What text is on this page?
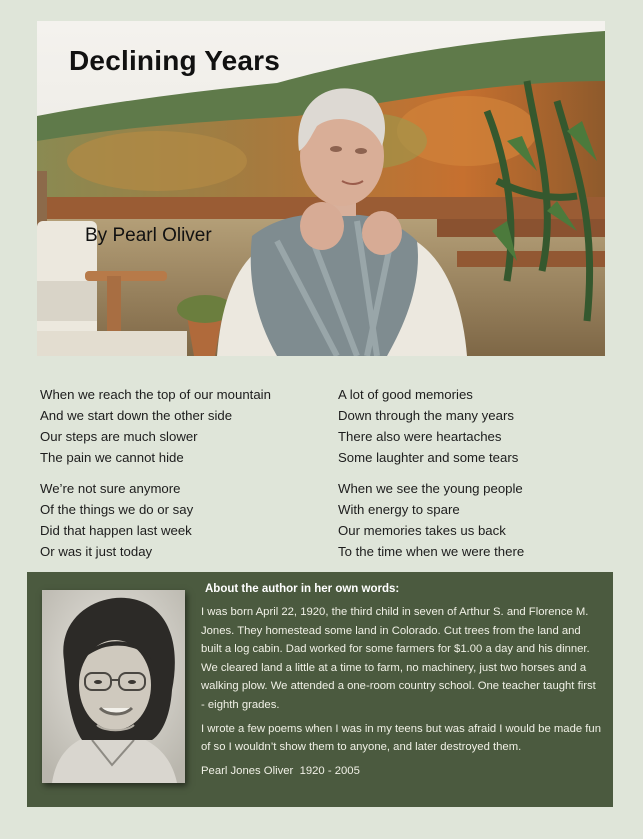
Declining Years
By Pearl Oliver
When we reach the top of our mountain
And we start down the other side
Our steps are much slower
The pain we cannot hide
We’re not sure anymore
Of the things we do or say
Did that happen last week
Or was it just today
A lot of good memories
Down through the many years
There also were heartaches
Some laughter and some tears
When we see the young people
With energy to spare
Our memories takes us back
To the time when we were there
About the author in her own words:

I was born April 22, 1920, the third child in seven of Arthur S. and Florence M. Jones. They homestead some land in Colorado. Cut trees from the land and built a log cabin. Dad worked for some farmers for $1.00 a day and his dinner. We cleared land a little at a time to farm, no machinery, just two horses and a walking plow. We attended a one-room country school. One teacher taught first - eighth grades.

I wrote a few poems when I was in my teens but was afraid I would be made fun of so I wouldn’t show them to anyone, and later destroyed them.

Pearl Jones Oliver  1920 - 2005
